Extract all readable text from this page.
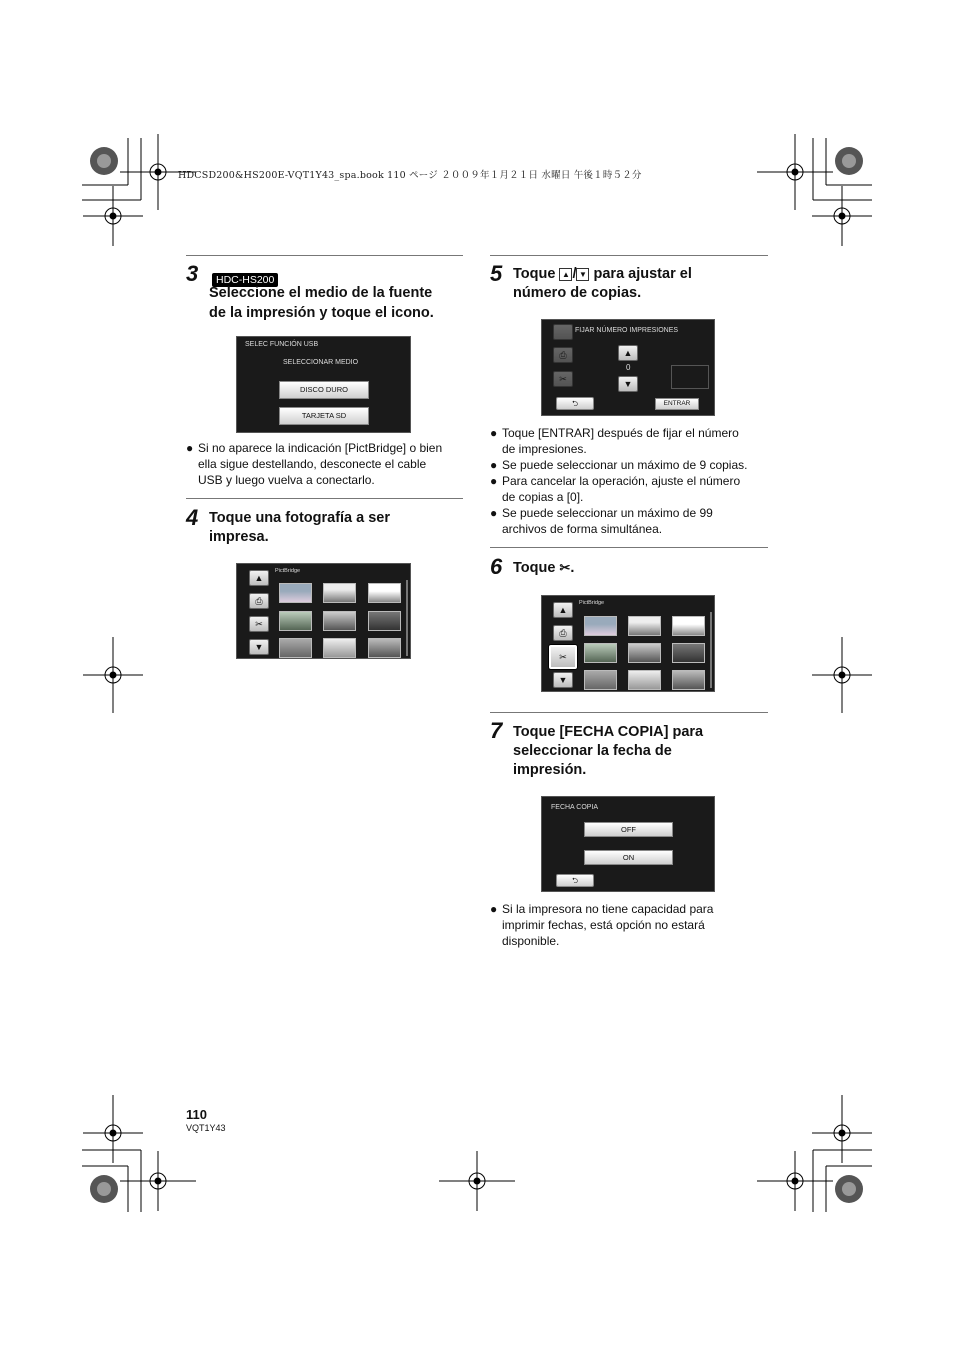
HDCSD200&HS200E-VQT1Y43_spa.book 110 ページ ２００９年１月２１日 水曜日 午後１時５２分
3	HDC-HS200
Seleccione el medio de la fuente
de la impresión y toque el icono.
SELEC FUNCIÓN USB
SELECCIONAR MEDIO
DISCO DURO
TARJETA SD
● Si no aparece la indicación [PictBridge] o bien
ella sigue destellando, desconecte el cable
USB y luego vuelva a conectarlo.
4 Toque una fotografía a ser
impresa.
▲
⎙
✂
▼
PictBridge
5 Toque ▲ / ▼ para ajustar el
número de copias.
⎙
✂
FIJAR NÚMERO IMPRESIONES
▲
0
▼
⮌	ENTRAR
● Toque [ENTRAR] después de fijar el número
de impresiones.
● Se puede seleccionar un máximo de 9 copias.
● Para cancelar la operación, ajuste el número
de copias a [0].
● Se puede seleccionar un máximo de 99
archivos de forma simultánea.
6 Toque ✂.
▲
⎙
✂
▼
PictBridge
7 Toque [FECHA COPIA] para
seleccionar la fecha de
impresión.
FECHA COPIA
OFF
ON
⮌
● Si la impresora no tiene capacidad para
imprimir fechas, está opción no estará
disponible.
110
VQT1Y43
